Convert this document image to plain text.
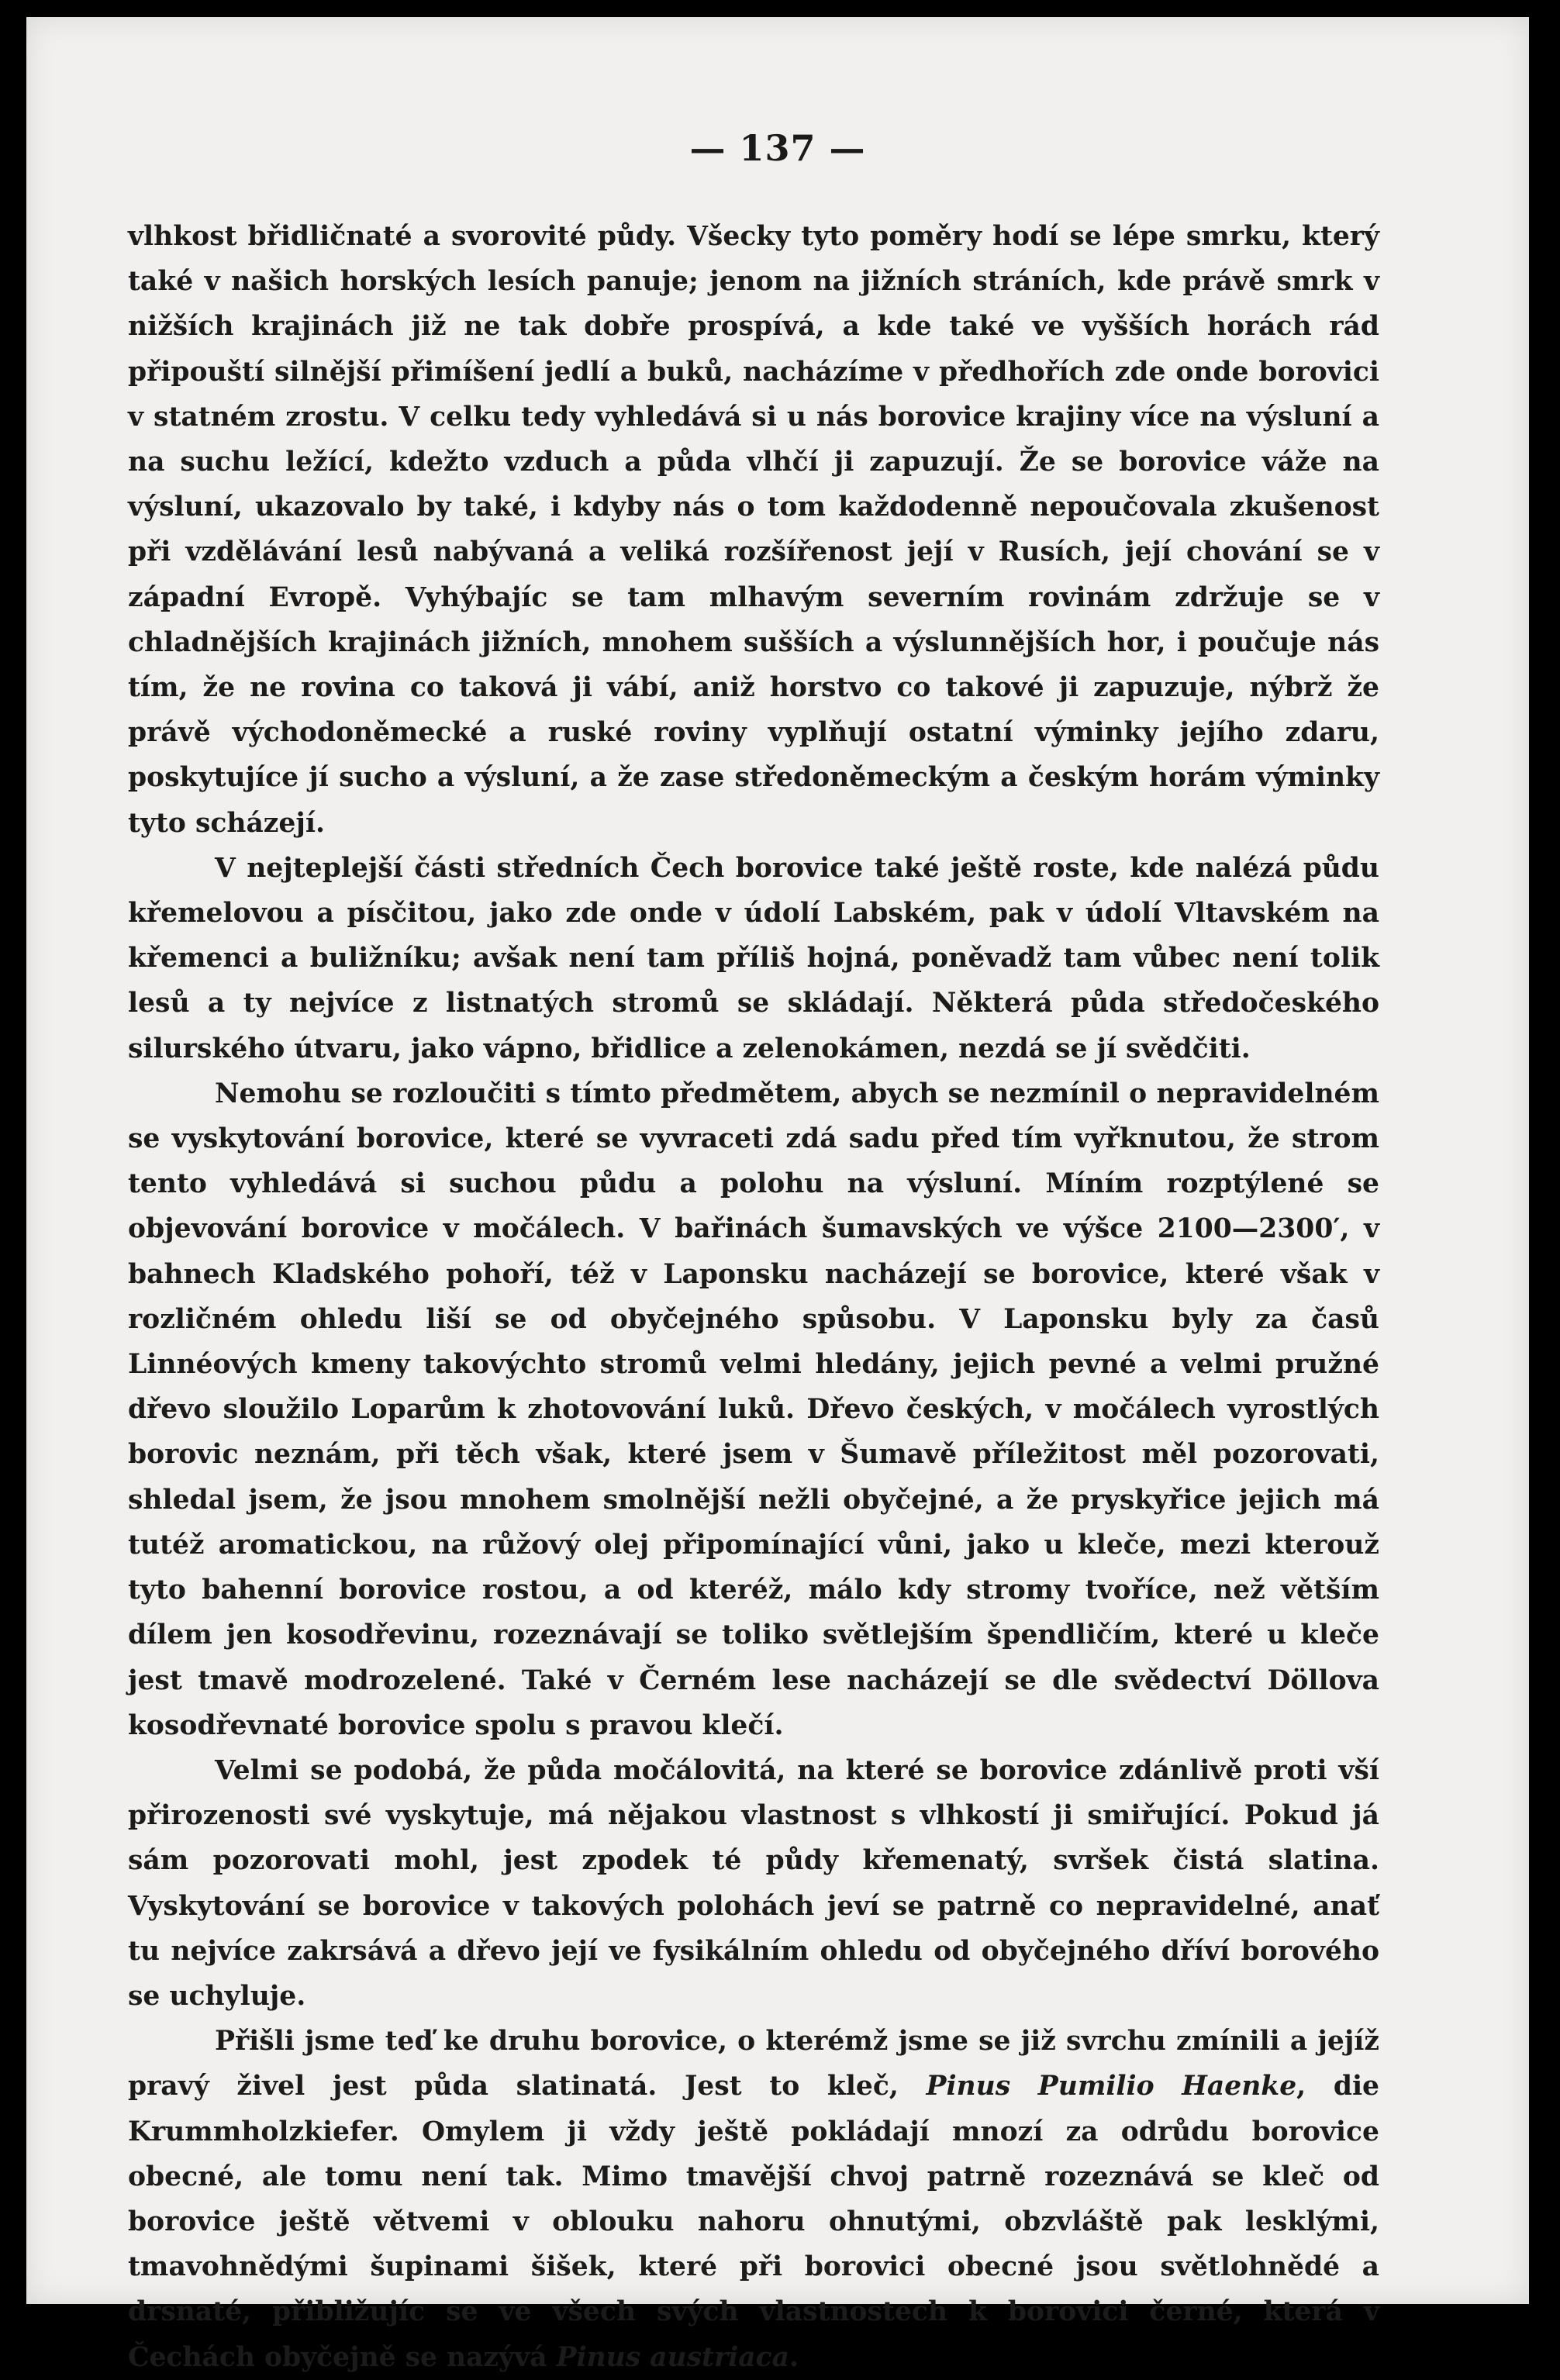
— 137 —

vlhkost břidličnaté a svorovité půdy. Všecky tyto poměry hodí se lépe smrku, který také v našich horských lesích panuje; jenom na jižních stráních, kde právě smrk v nižších krajinách již ne tak dobře prospívá, a kde také ve vyšších horách rád připouští silnější přimíšení jedlí a buků, nacházíme v předhořích zde onde borovici v statném zrostu. V celku tedy vyhledává si u nás borovice krajiny více na výsluní a na suchu ležící, kdežto vzduch a půda vlhčí ji zapuzují. Že se borovice váže na výsluní, ukazovalo by také, i kdyby nás o tom každodenně nepoučovala zkušenost při vzdělávání lesů nabývaná a veliká rozšířenost její v Rusích, její chování se v západní Evropě. Vyhýbajíc se tam mlhavým severním rovinám zdržuje se v chladnějších krajinách jižních, mnohem sušších a výslunnějších hor, i poučuje nás tím, že ne rovina co taková ji vábí, aniž horstvo co takové ji zapuzuje, nýbrž že právě východoněmecké a ruské roviny vyplňují ostatní výminky jejího zdaru, poskytujíce jí sucho a výsluní, a že zase středoněmeckým a českým horám výminky tyto scházejí.

V nejteplejší části středních Čech borovice také ještě roste, kde nalézá půdu křemelovou a písčitou, jako zde onde v údolí Labském, pak v údolí Vltavském na křemenci a buližníku; avšak není tam příliš hojná, poněvadž tam vůbec není tolik lesů a ty nejvíce z listnatých stromů se skládají. Některá půda středočeského silurského útvaru, jako vápno, břidlice a zelenokámen, nezdá se jí svědčiti.

Nemohu se rozloučiti s tímto předmětem, abych se nezmínil o nepravidelném se vyskytování borovice, které se vyvraceti zdá sadu před tím vyřknutou, že strom tento vyhledává si suchou půdu a polohu na výsluní. Míním rozptýlené se objevování borovice v močálech. V bařinách šumavských ve výšce 2100—2300′, v bahnech Kladského pohoří, též v Laponsku nacházejí se borovice, které však v rozličném ohledu liší se od obyčejného spůsobu. V Laponsku byly za časů Linnéových kmeny takovýchto stromů velmi hledány, jejich pevné a velmi pružné dřevo sloužilo Loparům k zhotovování luků. Dřevo českých, v močálech vyrostlých borovic neznám, při těch však, které jsem v Šumavě příležitost měl pozorovati, shledal jsem, že jsou mnohem smolnější nežli obyčejné, a že pryskyřice jejich má tutéž aromatickou, na růžový olej připomínající vůni, jako u kleče, mezi kterouž tyto bahenní borovice rostou, a od kteréž, málo kdy stromy tvoříce, než větším dílem jen kosodřevinu, rozeznávají se toliko světlejším špendličím, které u kleče jest tmavě modrozelené. Také v Černém lese nacházejí se dle svědectví Döllova kosodřevnaté borovice spolu s pravou klečí.

Velmi se podobá, že půda močálovitá, na které se borovice zdánlivě proti vší přirozenosti své vyskytuje, má nějakou vlastnost s vlhkostí ji smiřující. Pokud já sám pozorovati mohl, jest zpodek té půdy křemenatý, svršek čistá slatina. Vyskytování se borovice v takových polohách jeví se patrně co nepravidelné, anať tu nejvíce zakrsává a dřevo její ve fysikálním ohledu od obyčejného dříví borového se uchyluje.

Přišli jsme teď ke druhu borovice, o kterémž jsme se již svrchu zmínili a jejíž pravý živel jest půda slatinatá. Jest to kleč, Pinus Pumilio Haenke, die Krummholzkiefer. Omylem ji vždy ještě pokládají mnozí za odrůdu borovice obecné, ale tomu není tak. Mimo tmavější chvoj patrně rozeznává se kleč od borovice ještě větvemi v oblouku nahoru ohnutými, obzvláště pak lesklými, tmavohnědými šupinami šišek, které při borovici obecné jsou světlohnědé a drsnaté, přibližujíc se ve všech svých vlastnostech k borovici černé, která v Čechách obyčejně se nazývá Pinus austriaca.
